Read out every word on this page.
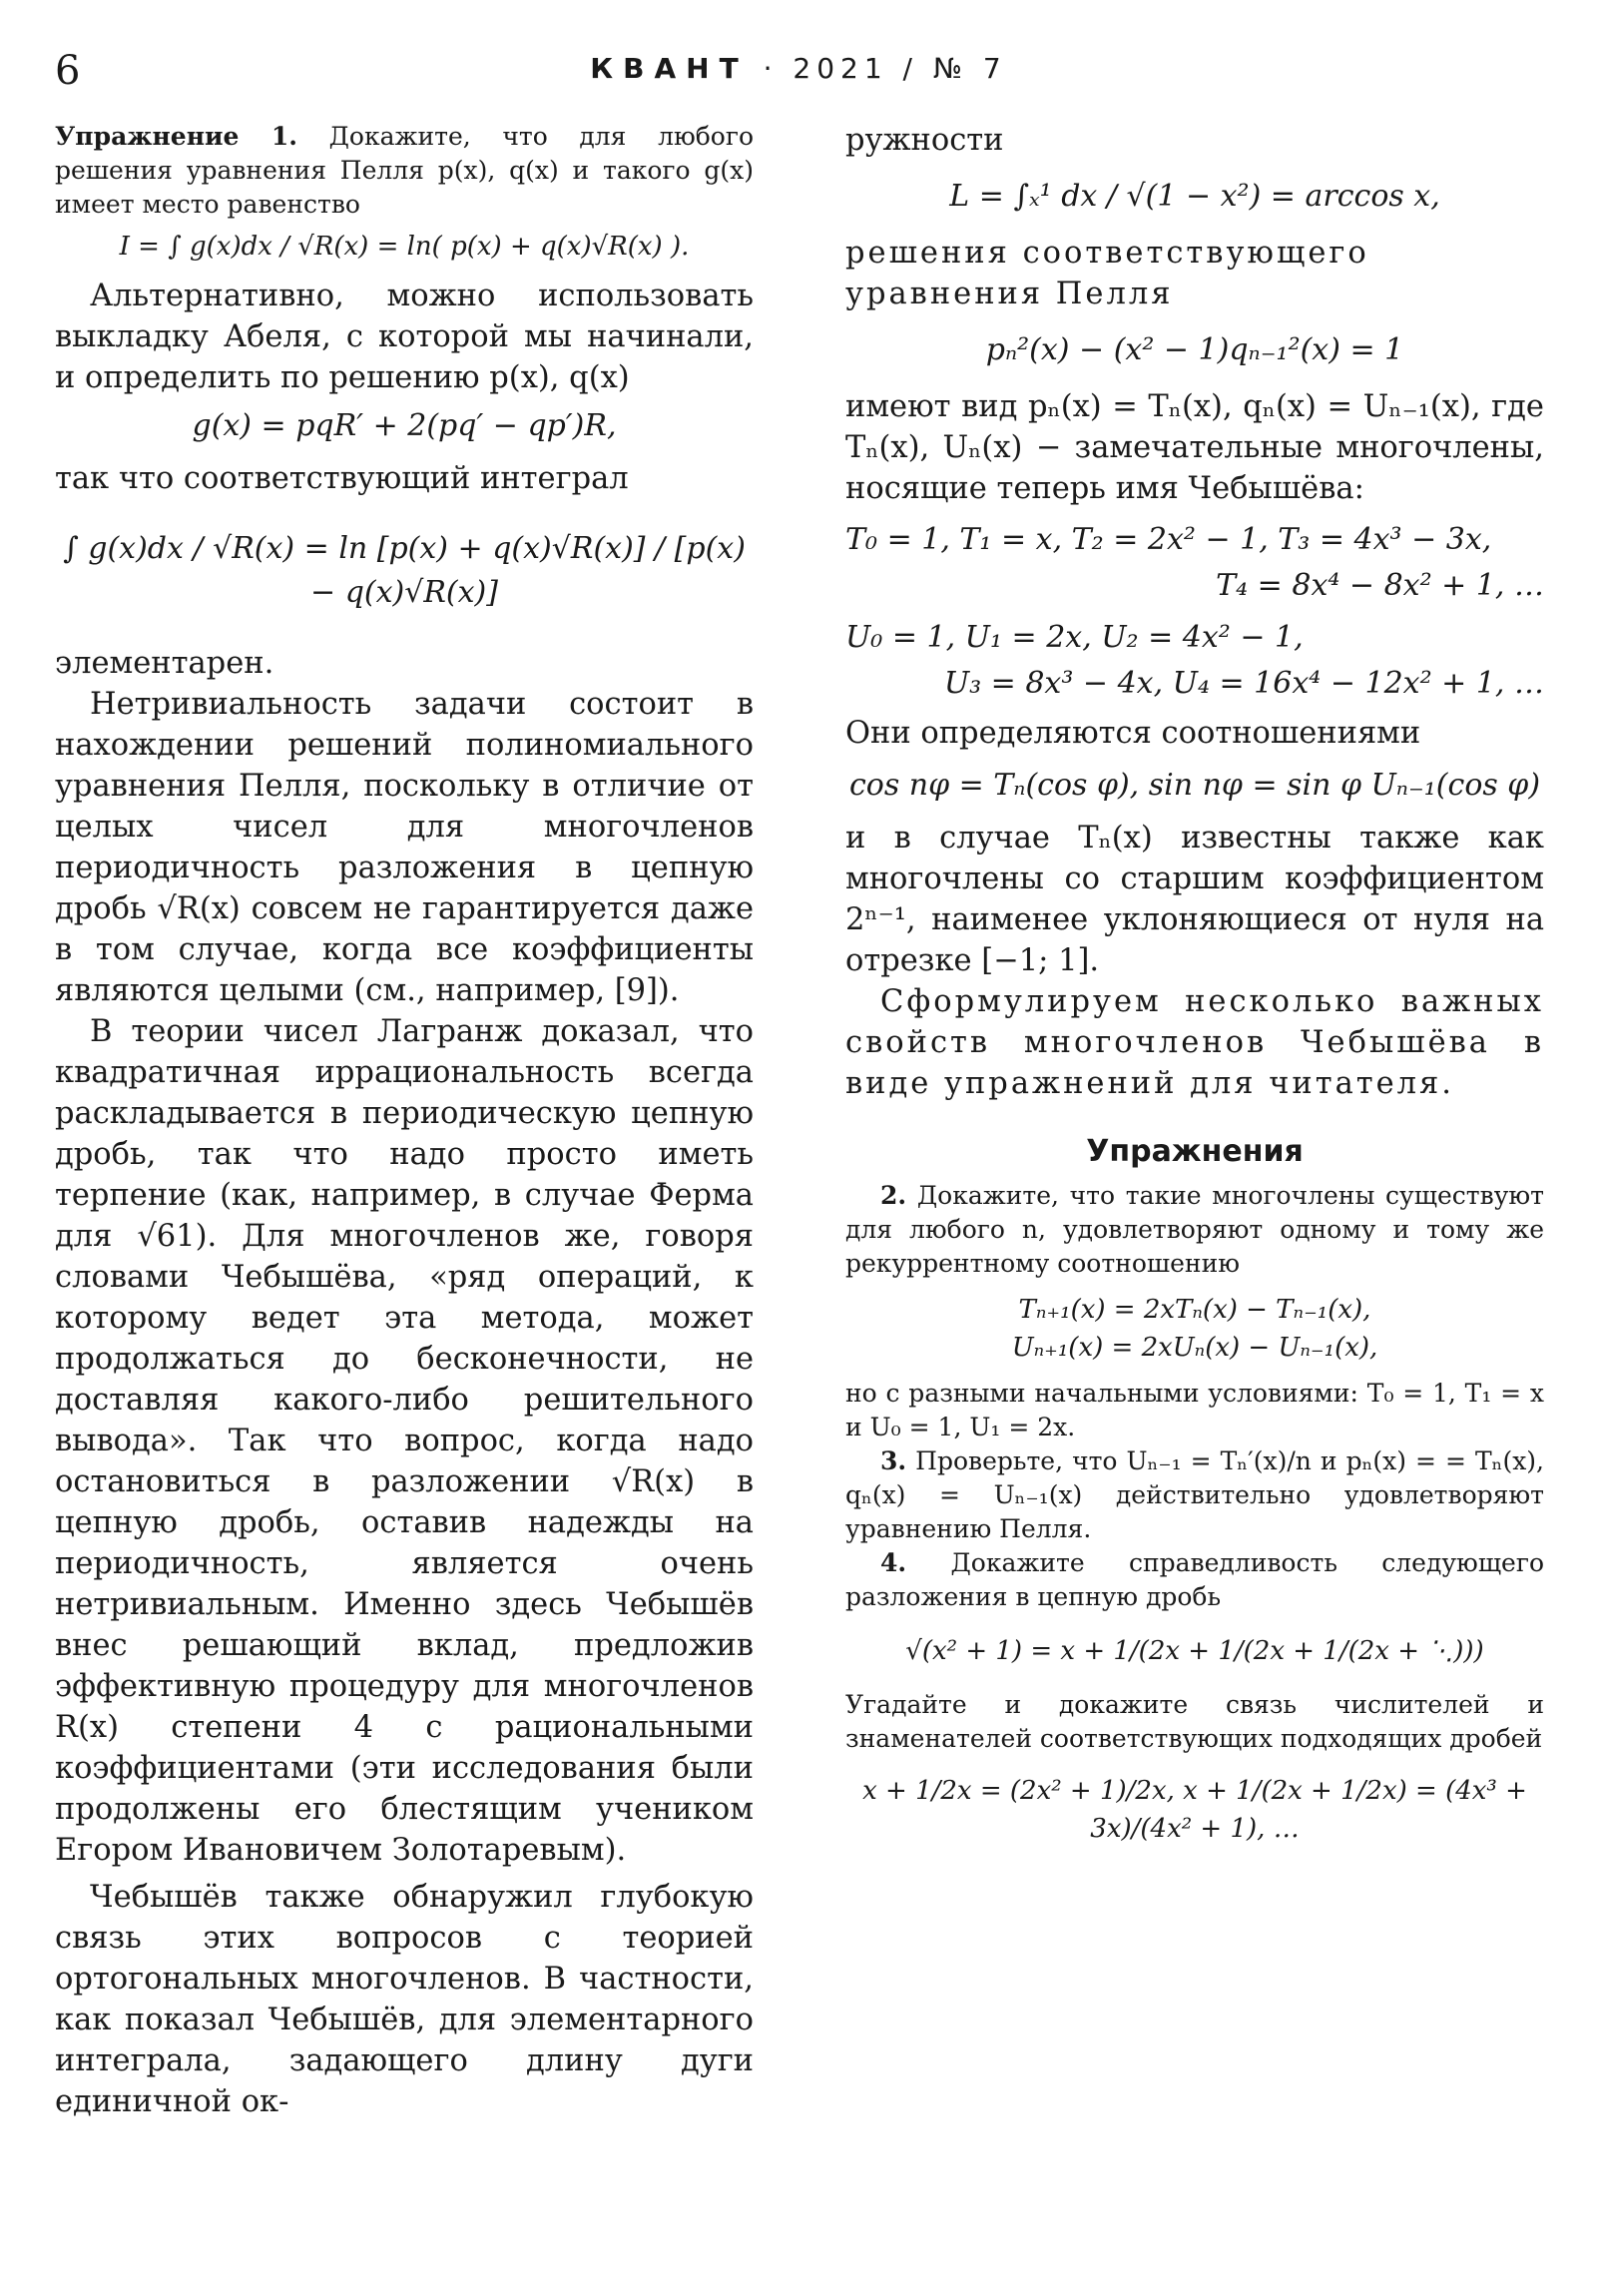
6	КВАНТ · 2021 / № 7

Упражнение 1. Докажите, что для любого решения уравнения Пелля p(x), q(x) и такого g(x) имеет место равенство

I = ∫ g(x)dx / √R(x) = ln( p(x) + q(x)√R(x) ).

Альтернативно, можно использовать выкладку Абеля, с которой мы начинали, и определить по решению p(x), q(x)

g(x) = pqR′ + 2(pq′ − qp′)R,

так что соответствующий интеграл

∫ g(x)dx / √R(x) = ln [p(x) + q(x)√R(x)] / [p(x) − q(x)√R(x)]

элементарен.

Нетривиальность задачи состоит в нахождении решений полиномиального уравнения Пелля, поскольку в отличие от целых чисел для многочленов периодичность разложения в цепную дробь √R(x) совсем не гарантируется даже в том случае, когда все коэффициенты являются целыми (см., например, [9]).

В теории чисел Лагранж доказал, что квадратичная иррациональность всегда раскладывается в периодическую цепную дробь, так что надо просто иметь терпение (как, например, в случае Ферма для √61). Для многочленов же, говоря словами Чебышёва, «ряд операций, к которому ведет эта метода, может продолжаться до бесконечности, не доставляя какого-либо решительного вывода». Так что вопрос, когда надо остановиться в разложении √R(x) в цепную дробь, оставив надежды на периодичность, является очень нетривиальным. Именно здесь Чебышёв внес решающий вклад, предложив эффективную процедуру для многочленов R(x) степени 4 с рациональными коэффициентами (эти исследования были продолжены его блестящим учеником Егором Ивановичем Золотаревым).

Чебышёв также обнаружил глубокую связь этих вопросов с теорией ортогональных многочленов. В частности, как показал Чебышёв, для элементарного интеграла, задающего длину дуги единичной ок-

ружности

L = ∫ₓ¹ dx / √(1 − x²) = arccos x,

решения соответствующего уравнения Пелля

pₙ²(x) − (x² − 1)qₙ₋₁²(x) = 1

имеют вид pₙ(x) = Tₙ(x), qₙ(x) = Uₙ₋₁(x), где Tₙ(x), Uₙ(x) − замечательные многочлены, носящие теперь имя Чебышёва:

T₀ = 1, T₁ = x, T₂ = 2x² − 1, T₃ = 4x³ − 3x,
T₄ = 8x⁴ − 8x² + 1, …
U₀ = 1, U₁ = 2x, U₂ = 4x² − 1,
U₃ = 8x³ − 4x, U₄ = 16x⁴ − 12x² + 1, …

Они определяются соотношениями

cos nφ = Tₙ(cos φ), sin nφ = sin φ Uₙ₋₁(cos φ)

и в случае Tₙ(x) известны также как многочлены со старшим коэффициентом 2ⁿ⁻¹, наименее уклоняющиеся от нуля на отрезке [−1; 1].

Сформулируем несколько важных свойств многочленов Чебышёва в виде упражнений для читателя.

Упражнения

2. Докажите, что такие многочлены существуют для любого n, удовлетворяют одному и тому же рекуррентному соотношению

Tₙ₊₁(x) = 2xTₙ(x) − Tₙ₋₁(x),
Uₙ₊₁(x) = 2xUₙ(x) − Uₙ₋₁(x),

но с разными начальными условиями: T₀ = 1, T₁ = x и U₀ = 1, U₁ = 2x.

3. Проверьте, что Uₙ₋₁ = Tₙ′(x)/n и pₙ(x) = = Tₙ(x), qₙ(x) = Uₙ₋₁(x) действительно удовлетворяют уравнению Пелля.

4. Докажите справедливость следующего разложения в цепную дробь

√(x² + 1) = x + 1/(2x + 1/(2x + 1/(2x + ⋱)))

Угадайте и докажите связь числителей и знаменателей соответствующих подходящих дробей

x + 1/2x = (2x² + 1)/2x, x + 1/(2x + 1/2x) = (4x³ + 3x)/(4x² + 1), …
